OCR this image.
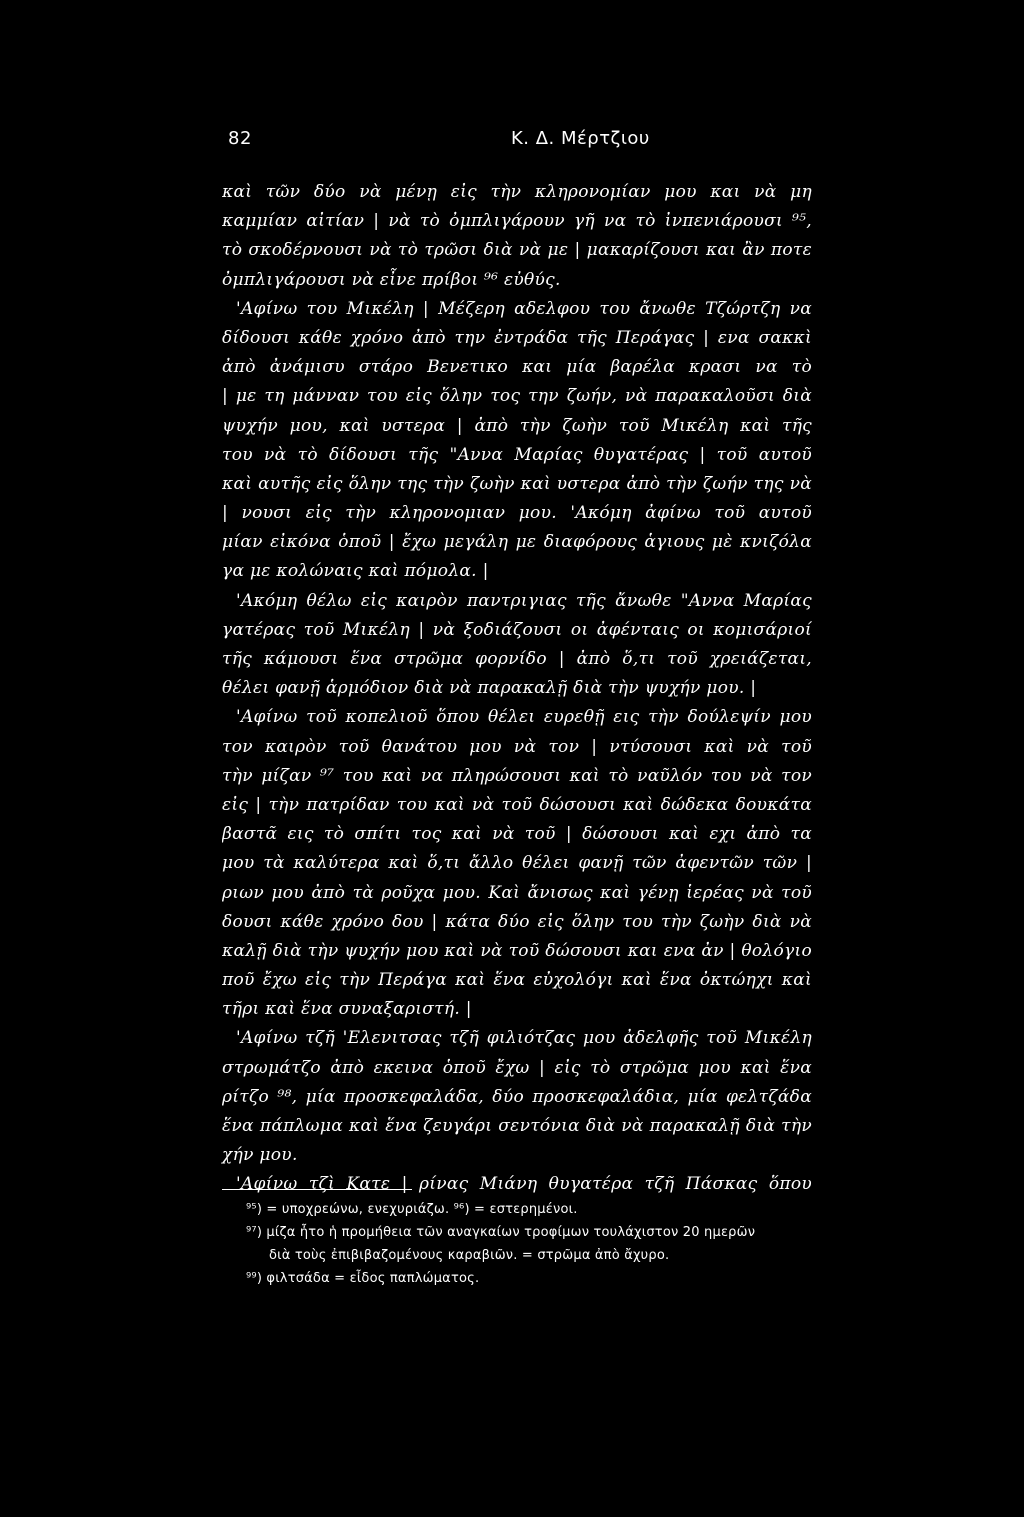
82	Κ. Δ. Μέρτζιου
καὶ τῶν δύο νὰ μένῃ εἰς τὴν κληρονομίαν μου και νὰ μη
καμμίαν αἰτίαν | νὰ τὸ ὀμπλιγάρουν γῆ να τὸ ἰνπενιάρουσι ⁹⁵,
τὸ σκοδέρνουσι νὰ τὸ τρῶσι διὰ νὰ με | μακαρίζουσι και ἂν ποτε
ὀμπλιγάρουσι νὰ εἶνε πρίβοι ⁹⁶ εὐθύς.
'Αφίνω του Μικέλη | Μέζερη αδελφου του ἄνωθε Τζώρτζη να
δίδουσι κάθε χρόνο ἀπὸ την ἐντράδα τῆς Περάγας | ενα σακκὶ
ἀπὸ ἀνάμισυ στάρο Βενετικο και μία βαρέλα κρασι να τὸ
| με τη μάνναν του εἰς ὅλην τος την ζωήν, νὰ παρακαλοῦσι διὰ
ψυχήν μου, καὶ υστερα | ἀπὸ τὴν ζωὴν τοῦ Μικέλη καὶ τῆς
του νὰ τὸ δίδουσι τῆς "Αννα Μαρίας θυγατέρας | τοῦ αυτοῦ
καὶ αυτῆς εἰς ὅλην της τὴν ζωὴν καὶ υστερα ἀπὸ τὴν ζωήν της νὰ
| νουσι εἰς τὴν κληρονομιαν μου. 'Ακόμη ἀφίνω τοῦ αυτοῦ
μίαν εἰκόνα ὁποῦ | ἔχω μεγάλη με διαφόρους ἁγιους μὲ κνιζόλα
γα με κολώναις καὶ πόμολα. |
'Ακόμη θέλω εἰς καιρὸν παντριγιας τῆς ἄνωθε "Αννα Μαρίας
γατέρας τοῦ Μικέλη | νὰ ξοδιάζουσι οι ἀφένταις οι κομισάριοί
τῆς κάμουσι ἕνα στρῶμα φορνίδο | ἀπὸ ὅ,τι τοῦ χρειάζεται,
θέλει φανῇ ἁρμόδιον διὰ νὰ παρακαλῇ διὰ τὴν ψυχήν μου. |
'Αφίνω τοῦ κοπελιοῦ ὅπου θέλει ευρεθῇ εις τὴν δούλεψίν μου
τον καιρὸν τοῦ θανάτου μου νὰ τον | ντύσουσι καὶ νὰ τοῦ
τὴν μίζαν ⁹⁷ του καὶ να πληρώσουσι καὶ τὸ ναῦλόν του νὰ τον
εἰς | τὴν πατρίδαν του καὶ νὰ τοῦ δώσουσι καὶ δώδεκα δουκάτα
βαστᾶ εις τὸ σπίτι τος καὶ νὰ τοῦ | δώσουσι καὶ εχι ἀπὸ τα
μου τὰ καλύτερα καὶ ὅ,τι ἄλλο θέλει φανῇ τῶν ἀφεντῶν τῶν |
ριων μου ἀπὸ τὰ ροῦχα μου. Καὶ ἄνισως καὶ γένῃ ἱερέας νὰ τοῦ
δουσι κάθε χρόνο δου | κάτα δύο εἰς ὅλην του τὴν ζωὴν διὰ νὰ
καλῇ διὰ τὴν ψυχήν μου καὶ νὰ τοῦ δώσουσι και ενα ἀν | θολόγιο
ποῦ ἔχω εἰς τὴν Περάγα καὶ ἕνα εὐχολόγι καὶ ἕνα ὀκτώηχι καὶ
τῆρι καὶ ἕνα συναξαριστή. |
'Αφίνω τζῆ 'Ελενιτσας τζῆ φιλιότζας μου ἀδελφῆς τοῦ Μικέλη
στρωμάτζο ἀπὸ εκεινα ὁποῦ ἔχω | εἰς τὸ στρῶμα μου καὶ ἕνα
ρίτζο ⁹⁸, μία προσκεφαλάδα, δύο προσκεφαλάδια, μία φελτζάδα
ἕνα πάπλωμα καὶ ἕνα ζευγάρι σεντόνια διὰ νὰ παρακαλῇ διὰ τὴν
χήν μου.
'Αφίνω τζὶ Κατε | ρίνας Μιάνη θυγατέρα τζῆ Πάσκας ὅπου
⁹⁵) = υποχρεώνω, ενεχυριάζω. ⁹⁶) = εστερημένοι.
⁹⁷) μίζα ἦτο ἡ προμήθεια τῶν αναγκαίων τροφίμων τουλάχιστον 20 ημερῶν
διὰ τοὺς ἐπιβιβαζομένους καραβιῶν. = στρῶμα ἀπὸ ἄχυρο.
⁹⁹) φιλτσάδα = εἶδος παπλώματος.
